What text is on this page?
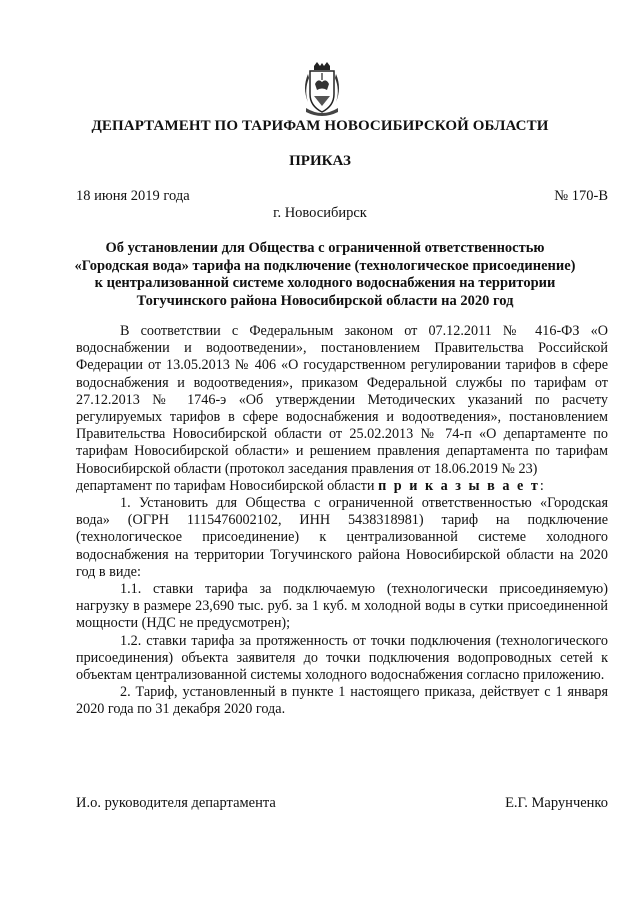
ДЕПАРТАМЕНТ ПО ТАРИФАМ НОВОСИБИРСКОЙ ОБЛАСТИ
ПРИКАЗ
18 июня 2019 года	№ 170-В
г. Новосибирск
Об установлении для Общества с ограниченной ответственностью «Городская вода» тарифа на подключение (технологическое присоединение) к централизованной системе холодного водоснабжения на территории Тогучинского района Новосибирской области на 2020 год

В соответствии с Федеральным законом от 07.12.2011 № 416-ФЗ «О водоснабжении и водоотведении», постановлением Правительства Российской Федерации от 13.05.2013 № 406 «О государственном регулировании тарифов в сфере водоснабжения и водоотведения», приказом Федеральной службы по тарифам от 27.12.2013 № 1746-э «Об утверждении Методических указаний по расчету регулируемых тарифов в сфере водоснабжения и водоотведения», постановлением Правительства Новосибирской области от 25.02.2013 № 74-п «О департаменте по тарифам Новосибирской области» и решением правления департамента по тарифам Новосибирской области (протокол заседания правления от 18.06.2019 № 23)

департамент по тарифам Новосибирской области п р и к а з ы в а е т:

1. Установить для Общества с ограниченной ответственностью «Городская вода» (ОГРН 1115476002102, ИНН 5438318981) тариф на подключение (технологическое присоединение) к централизованной системе холодного водоснабжения на территории Тогучинского района Новосибирской области на 2020 год в виде:

1.1. ставки тарифа за подключаемую (технологически присоединяемую) нагрузку в размере 23,690 тыс. руб. за 1 куб. м холодной воды в сутки присоединенной мощности (НДС не предусмотрен);

1.2. ставки тарифа за протяженность от точки подключения (технологического присоединения) объекта заявителя до точки подключения водопроводных сетей к объектам централизованной системы холодного водоснабжения согласно приложению.

2. Тариф, установленный в пункте 1 настоящего приказа, действует с 1 января 2020 года по 31 декабря 2020 года.

И.о. руководителя департамента	Е.Г. Марунченко
